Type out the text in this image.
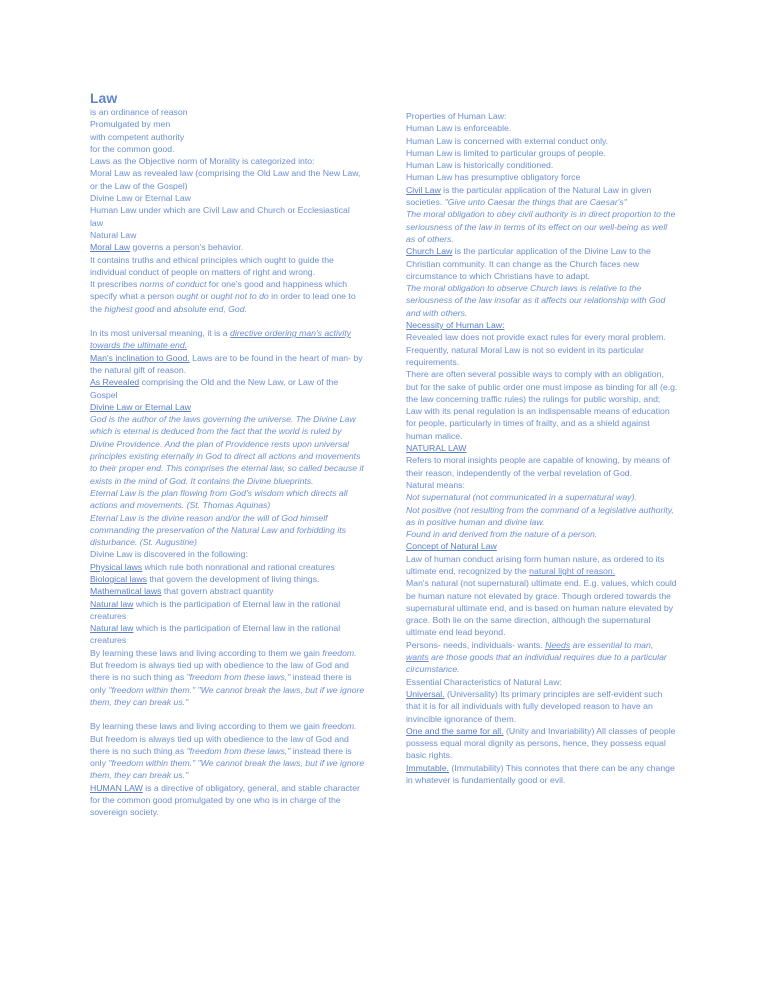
Law

is an ordinance of reason

Promulgated by men

with competent authority

for the common good.

Laws as the Objective norm of Morality is categorized into:

Moral Law as revealed law (comprising the Old Law and the New Law, or the Law of the Gospel)

Divine Law or Eternal Law

Human Law under which are Civil Law and Church or Ecclesiastical law

Natural Law

Moral Law governs a person's behavior.

It contains truths and ethical principles which ought to guide the individual conduct of people on matters of right and wrong.

It prescribes norms of conduct for one's good and happiness which specify what a person ought or ought not to do in order to lead one to the highest good and absolute end, God.

In its most universal meaning, it is a directive ordering man's activity towards the ultimate end.

Man's inclination to Good. Laws are to be found in the heart of man- by the natural gift of reason.

As Revealed comprising the Old and the New Law, or Law of the Gospel

Divine Law or Eternal Law

God is the author of the laws governing the universe. The Divine Law which is eternal is deduced from the fact that the world is ruled by Divine Providence. And the plan of Providence rests upon universal principles existing eternally in God to direct all actions and movements to their proper end. This comprises the eternal law, so called because it exists in the mind of God. It contains the Divine blueprints.

Eternal Law is the plan flowing from God's wisdom which directs all actions and movements. (St. Thomas Aquinas)

Eternal Law is the divine reason and/or the will of God himself commanding the preservation of the Natural Law and forbidding its disturbance. (St. Augustine)

Divine Law is discovered in the following:

Physical laws which rule both nonrational and rational creatures

Biological laws that govern the development of living things.

Mathematical laws that govern abstract quantity

Natural law which is the participation of Eternal law in the rational creatures

Natural law which is the participation of Eternal law in the rational creatures

By learning these laws and living according to them we gain freedom. But freedom is always tied up with obedience to the law of God and there is no such thing as "freedom from these laws," instead there is only "freedom within them." "We cannot break the laws, but if we ignore them, they can break us."

By learning these laws and living according to them we gain freedom. But freedom is always tied up with obedience to the law of God and there is no such thing as "freedom from these laws," instead there is only "freedom within them." "We cannot break the laws, but if we ignore them, they can break us."

HUMAN LAW is a directive of obligatory, general, and stable character for the common good promulgated by one who is in charge of the sovereign society.

Properties of Human Law:

Human Law is enforceable.

Human Law is concerned with external conduct only.

Human Law is limited to particular groups of people.

Human Law is historically conditioned.

Human Law has presumptive obligatory force

Civil Law is the particular application of the Natural Law in given societies. "Give unto Caesar the things that are Caesar's"

The moral obligation to obey civil authority is in direct proportion to the seriousness of the law in terms of its effect on our well-being as well as of others.

Church Law is the particular application of the Divine Law to the Christian community. It can change as the Church faces new circumstance to which Christians have to adapt.

The moral obligation to observe Church laws is relative to the seriousness of the law insofar as it affects our relationship with God and with others.

Necessity of Human Law:

Revealed law does not provide exact rules for every moral problem.

Frequently, natural Moral Law is not so evident in its particular requirements.

There are often several possible ways to comply with an obligation, but for the sake of public order one must impose as binding for all (e.g. the law concerning traffic rules) the rulings for public worship, and;

Law with its penal regulation is an indispensable means of education for people, particularly in times of frailty, and as a shield against human malice.

NATURAL LAW

Refers to moral insights people are capable of knowing, by means of their reason, independently of the verbal revelation of God.

Natural means:

Not supernatural (not communicated in a supernatural way).

Not positive (not resulting from the command of a legislative authority, as in positive human and divine law.

Found in and derived from the nature of a person.

Concept of Natural Law

Law of human conduct arising form human nature, as ordered to its ultimate end, recognized by the natural light of reason.

Man's natural (not supernatural) ultimate end. E.g. values, which could be human nature not elevated by grace. Though ordered towards the supernatural ultimate end, and is based on human nature elevated by grace. Both lie on the same direction, although the supernatural ultimate end lead beyond.

Persons- needs, individuals- wants. Needs are essential to man, wants are those goods that an individual requires due to a particular circumstance.

Essential Characteristics of Natural Law:

Universal. (Universality) Its primary principles are self-evident such that it is for all individuals with fully developed reason to have an invincible ignorance of them.

One and the same for all. (Unity and Invariability) All classes of people possess equal moral dignity as persons, hence, they possess equal basic rights.

Immutable. (Immutability) This connotes that there can be any change in whatever is fundamentally good or evil.
